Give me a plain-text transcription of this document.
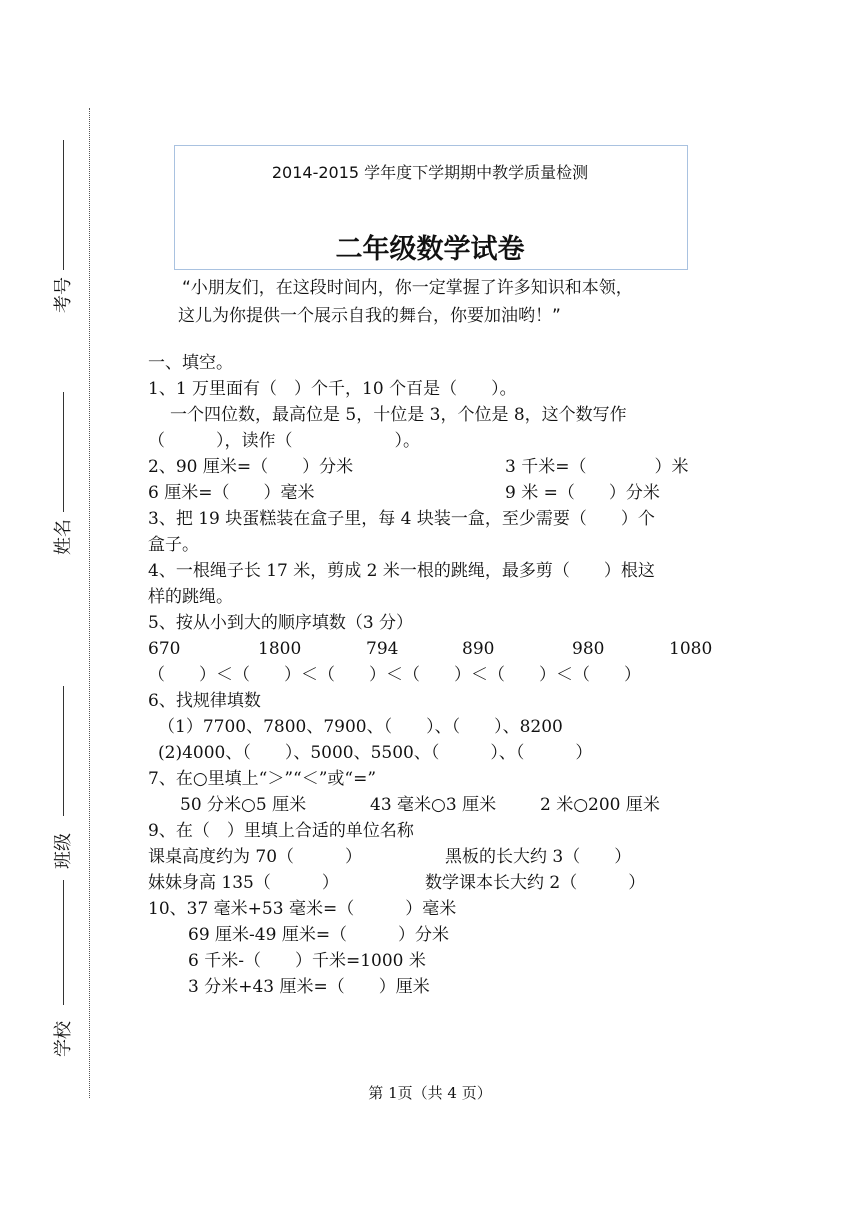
考号
姓名
班级
学校
2014-2015 学年度下学期期中教学质量检测
二年级数学试卷
“小朋友们，在这段时间内，你一定掌握了许多知识和本领，
这儿为你提供一个展示自我的舞台，你要加油哟！”
一、填空。
1、1 万里面有（　）个千，10 个百是（　　）。
一个四位数，最高位是 5，十位是 3，个位是 8，这个数写作
（　　　），读作（　　　　　　）。
2、90 厘米=（　　）分米	3 千米=（　　　　）米
6 厘米=（　　）毫米	9 米 =（　　）分米
3、把 19 块蛋糕装在盒子里，每 4 块装一盒，至少需要（　　）个
盒子。
4、一根绳子长 17 米，剪成 2 米一根的跳绳，最多剪（　　）根这
样的跳绳。
5、按从小到大的顺序填数（3 分）
670	1800	794	890	980	1080
（　　）＜（　　）＜（　　）＜（　　）＜（　　）＜（　　）
6、找规律填数
（1）7700、7800、7900、（　　）、（　　）、8200
(2)4000、（　　）、5000、5500、（　　　）、（　　　）
7、在○里填上“＞”“＜”或“=”
50 分米○5 厘米	43 毫米○3 厘米	2 米○200 厘米
9、在（　）里填上合适的单位名称
课桌高度约为 70（　　　）	黑板的长大约 3（　　）
妹妹身高 135（　　　）	数学课本长大约 2（　　　）
10、37 毫米+53 毫米=（　　　）毫米
69 厘米-49 厘米=（　　　）分米
6 千米-（　　）千米=1000 米
3 分米+43 厘米=（　　）厘米
第 1页（共 4 页）
